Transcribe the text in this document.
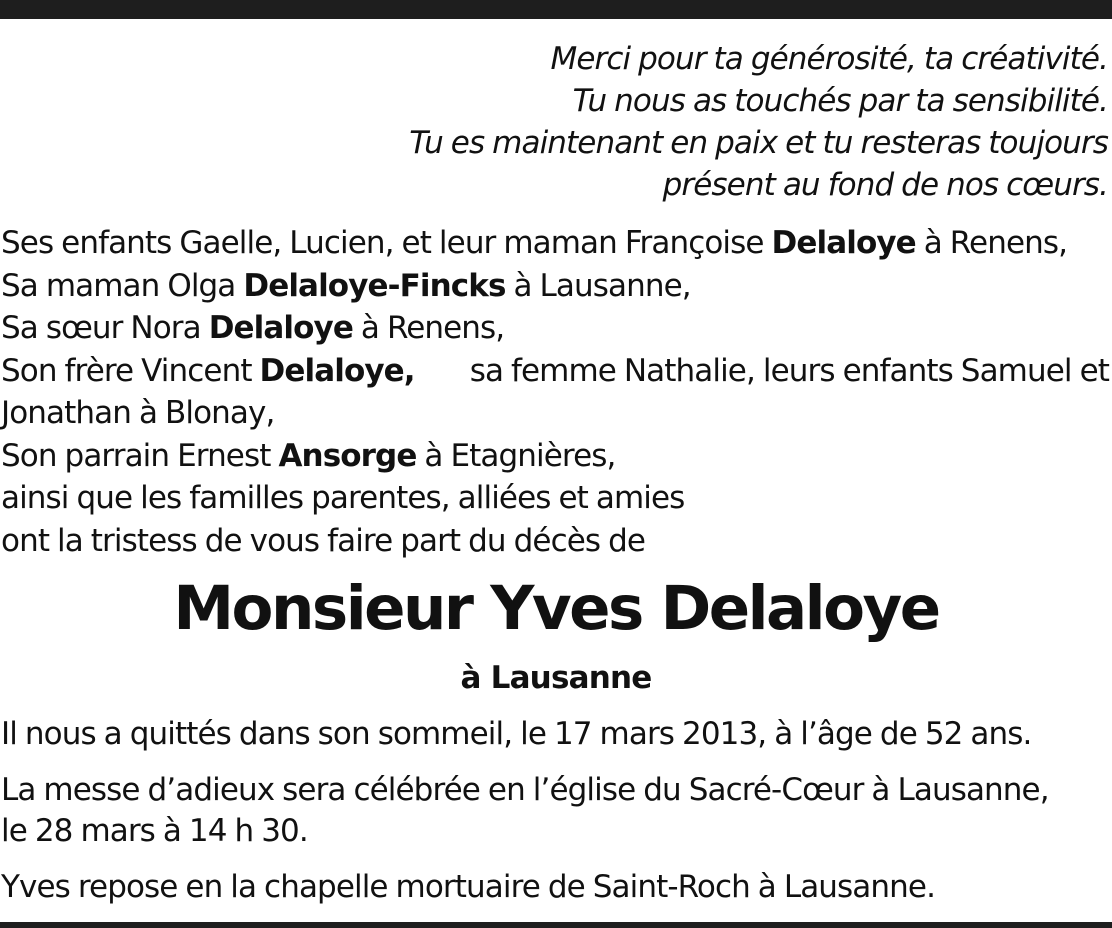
Merci pour ta générosité, ta créativité.
Tu nous as touchés par ta sensibilité.
Tu es maintenant en paix et tu resteras toujours
présent au fond de nos cœurs.
Ses enfants Gaelle, Lucien, et leur maman Françoise Delaloye à Renens,
Sa maman Olga Delaloye-Fincks à Lausanne,
Sa sœur Nora Delaloye à Renens,
Son frère Vincent Delaloye, sa femme Nathalie, leurs enfants Samuel et
Jonathan à Blonay,
Son parrain Ernest Ansorge à Etagnières,
ainsi que les familles parentes, alliées et amies
ont la tristess de vous faire part du décès de
Monsieur Yves Delaloye
à Lausanne
Il nous a quittés dans son sommeil, le 17 mars 2013, à l’âge de 52 ans.
La messe d’adieux sera célébrée en l’église du Sacré-Cœur à Lausanne,
le 28 mars à 14 h 30.
Yves repose en la chapelle mortuaire de Saint-Roch à Lausanne.
